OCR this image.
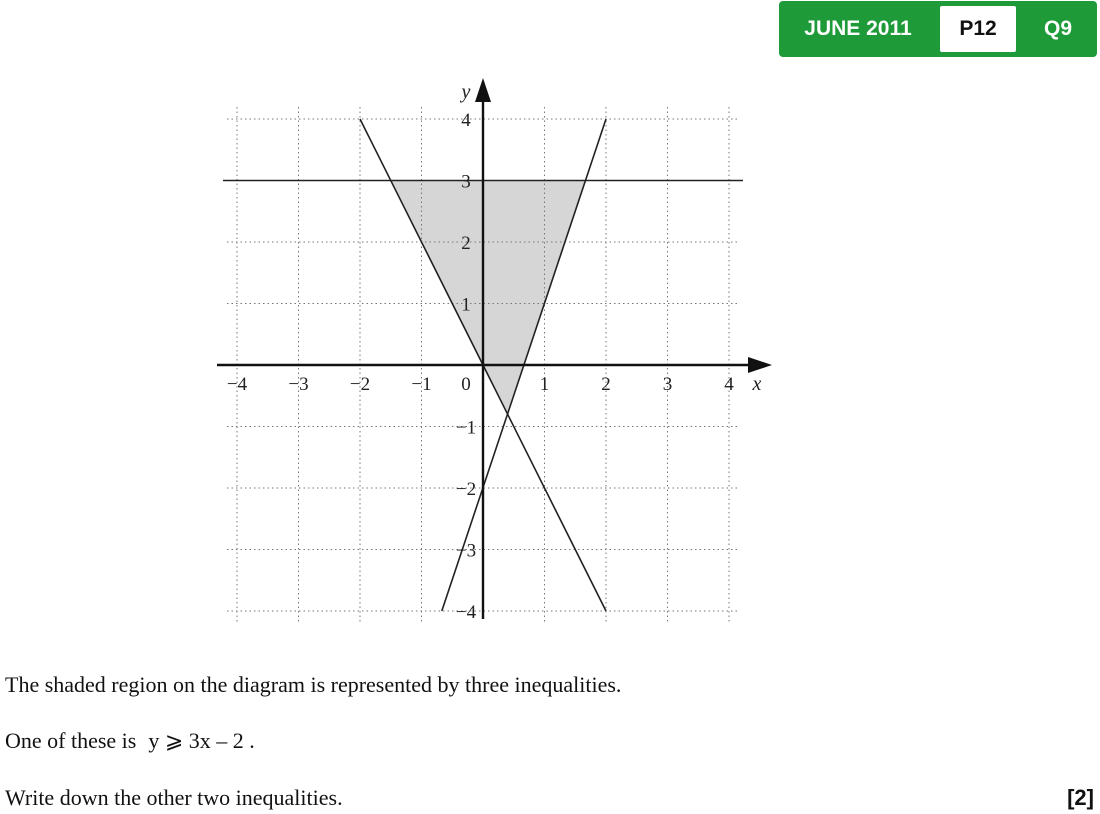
JUNE 2011	P12	Q9
−4 −3 −2 −1 0	1	2	3	4
4
3
2
1
−1
−2
−3
−4
x
y
The shaded region on the diagram is represented by three inequalities.
One of these is y ⩾ 3x – 2 .
Write down the other two inequalities.	[2]
